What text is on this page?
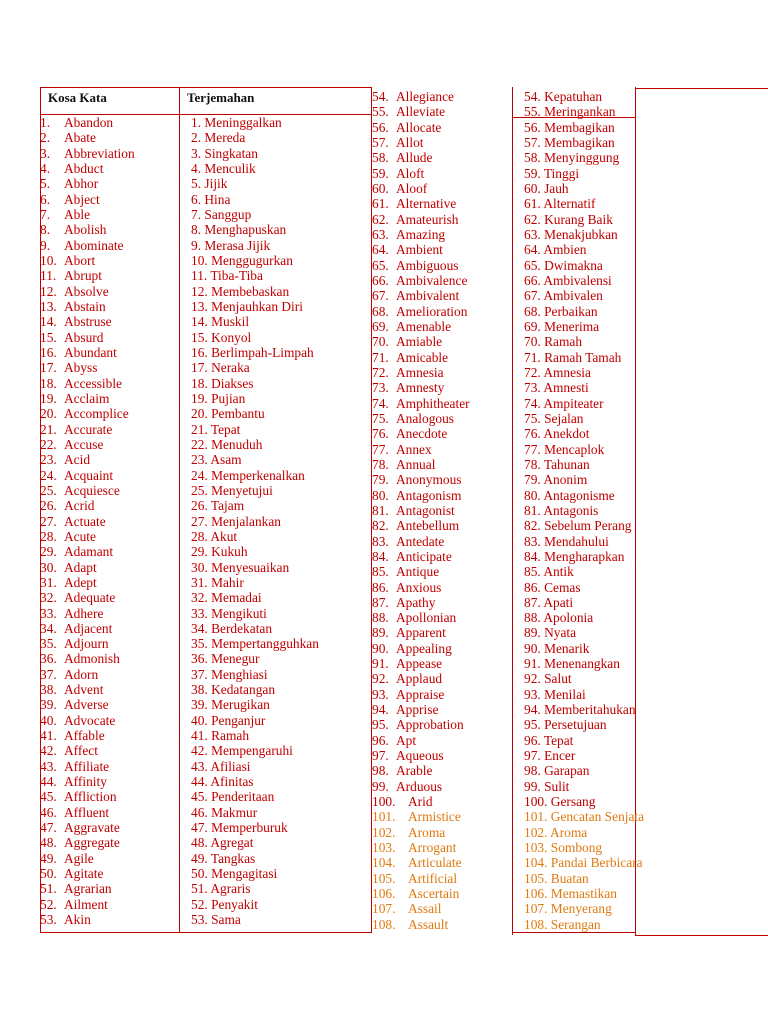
Kosa Kata	Terjemahan
1. Abandon
2. Abate
3. Abbreviation
4. Abduct
5. Abhor
6. Abject
7. Able
8. Abolish
9. Abominate
10. Abort
11. Abrupt
12. Absolve
13. Abstain
14. Abstruse
15. Absurd
16. Abundant
17. Abyss
18. Accessible
19. Acclaim
20. Accomplice
21. Accurate
22. Accuse
23. Acid
24. Acquaint
25. Acquiesce
26. Acrid
27. Actuate
28. Acute
29. Adamant
30. Adapt
31. Adept
32. Adequate
33. Adhere
34. Adjacent
35. Adjourn
36. Admonish
37. Adorn
38. Advent
39. Adverse
40. Advocate
41. Affable
42. Affect
43. Affiliate
44. Affinity
45. Affliction
46. Affluent
47. Aggravate
48. Aggregate
49. Agile
50. Agitate
51. Agrarian
52. Ailment
53. Akin
1. Meninggalkan
2. Mereda
3. Singkatan
4. Menculik
5. Jijik
6. Hina
7. Sanggup
8. Menghapuskan
9. Merasa Jijik
10. Menggugurkan
11. Tiba-Tiba
12. Membebaskan
13. Menjauhkan Diri
14. Muskil
15. Konyol
16. Berlimpah-Limpah
17. Neraka
18. Diakses
19. Pujian
20. Pembantu
21. Tepat
22. Menuduh
23. Asam
24. Memperkenalkan
25. Menyetujui
26. Tajam
27. Menjalankan
28. Akut
29. Kukuh
30. Menyesuaikan
31. Mahir
32. Memadai
33. Mengikuti
34. Berdekatan
35. Mempertangguhkan
36. Menegur
37. Menghiasi
38. Kedatangan
39. Merugikan
40. Penganjur
41. Ramah
42. Mempengaruhi
43. Afiliasi
44. Afinitas
45. Penderitaan
46. Makmur
47. Memperburuk
48. Agregat
49. Tangkas
50. Mengagitasi
51. Agraris
52. Penyakit
53. Sama
54. Allegiance
55. Alleviate
56. Allocate
57. Allot
58. Allude
59. Aloft
60. Aloof
61. Alternative
62. Amateurish
63. Amazing
64. Ambient
65. Ambiguous
66. Ambivalence
67. Ambivalent
68. Amelioration
69. Amenable
70. Amiable
71. Amicable
72. Amnesia
73. Amnesty
74. Amphitheater
75. Analogous
76. Anecdote
77. Annex
78. Annual
79. Anonymous
80. Antagonism
81. Antagonist
82. Antebellum
83. Antedate
84. Anticipate
85. Antique
86. Anxious
87. Apathy
88. Apollonian
89. Apparent
90. Appealing
91. Appease
92. Applaud
93. Appraise
94. Apprise
95. Approbation
96. Apt
97. Aqueous
98. Arable
99. Arduous
100. Arid
101. Armistice
102. Aroma
103. Arrogant
104. Articulate
105. Artificial
106. Ascertain
107. Assail
108. Assault
54. Kepatuhan
55. Meringankan
56. Membagikan
57. Membagikan
58. Menyinggung
59. Tinggi
60. Jauh
61. Alternatif
62. Kurang Baik
63. Menakjubkan
64. Ambien
65. Dwimakna
66. Ambivalensi
67. Ambivalen
68. Perbaikan
69. Menerima
70. Ramah
71. Ramah Tamah
72. Amnesia
73. Amnesti
74. Ampiteater
75. Sejalan
76. Anekdot
77. Mencaplok
78. Tahunan
79. Anonim
80. Antagonisme
81. Antagonis
82. Sebelum Perang
83. Mendahului
84. Mengharapkan
85. Antik
86. Cemas
87. Apati
88. Apolonia
89. Nyata
90. Menarik
91. Menenangkan
92. Salut
93. Menilai
94. Memberitahukan
95. Persetujuan
96. Tepat
97. Encer
98. Garapan
99. Sulit
100. Gersang
101. Gencatan Senjata
102. Aroma
103. Sombong
104. Pandai Berbicara
105. Buatan
106. Memastikan
107. Menyerang
108. Serangan
